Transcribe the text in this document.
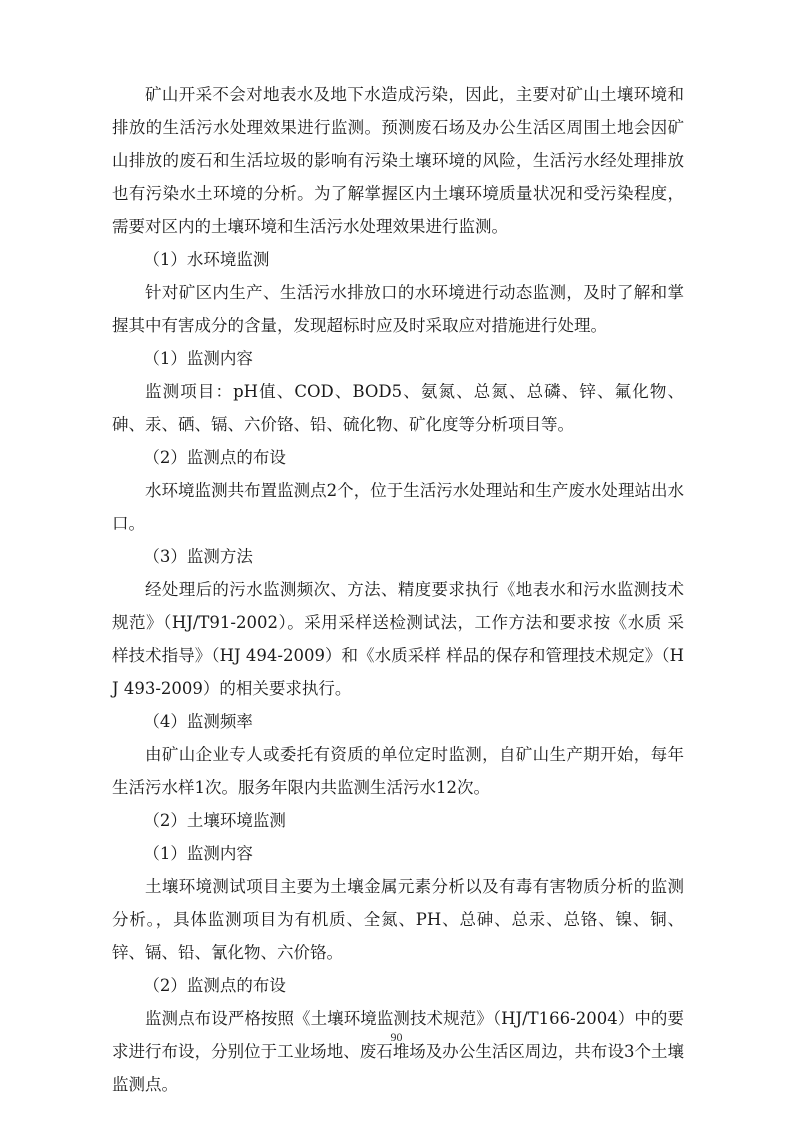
矿山开采不会对地表水及地下水造成污染，因此，主要对矿山土壤环境和排放的生活污水处理效果进行监测。预测废石场及办公生活区周围土地会因矿山排放的废石和生活垃圾的影响有污染土壤环境的风险，生活污水经处理排放也有污染水土环境的分析。为了解掌握区内土壤环境质量状况和受污染程度，需要对区内的土壤环境和生活污水处理效果进行监测。

（1）水环境监测

针对矿区内生产、生活污水排放口的水环境进行动态监测，及时了解和掌握其中有害成分的含量，发现超标时应及时采取应对措施进行处理。

（1）监测内容

监测项目：pH值、COD、BOD5、氨氮、总氮、总磷、锌、氟化物、砷、汞、硒、镉、六价铬、铅、硫化物、矿化度等分析项目等。

（2）监测点的布设

水环境监测共布置监测点2个，位于生活污水处理站和生产废水处理站出水口。

（3）监测方法

经处理后的污水监测频次、方法、精度要求执行《地表水和污水监测技术规范》（HJ/T91-2002）。采用采样送检测试法，工作方法和要求按《水质 采样技术指导》（HJ 494-2009）和《水质采样 样品的保存和管理技术规定》（HJ 493-2009）的相关要求执行。

（4）监测频率

由矿山企业专人或委托有资质的单位定时监测，自矿山生产期开始，每年生活污水样1次。服务年限内共监测生活污水12次。

（2）土壤环境监测

（1）监测内容

土壤环境测试项目主要为土壤金属元素分析以及有毒有害物质分析的监测分析。，具体监测项目为有机质、全氮、PH、总砷、总汞、总铬、镍、铜、锌、镉、铅、氰化物、六价铬。

（2）监测点的布设

监测点布设严格按照《土壤环境监测技术规范》（HJ/T166-2004）中的要求进行布设，分别位于工业场地、废石堆场及办公生活区周边，共布设3个土壤监测点。

90
